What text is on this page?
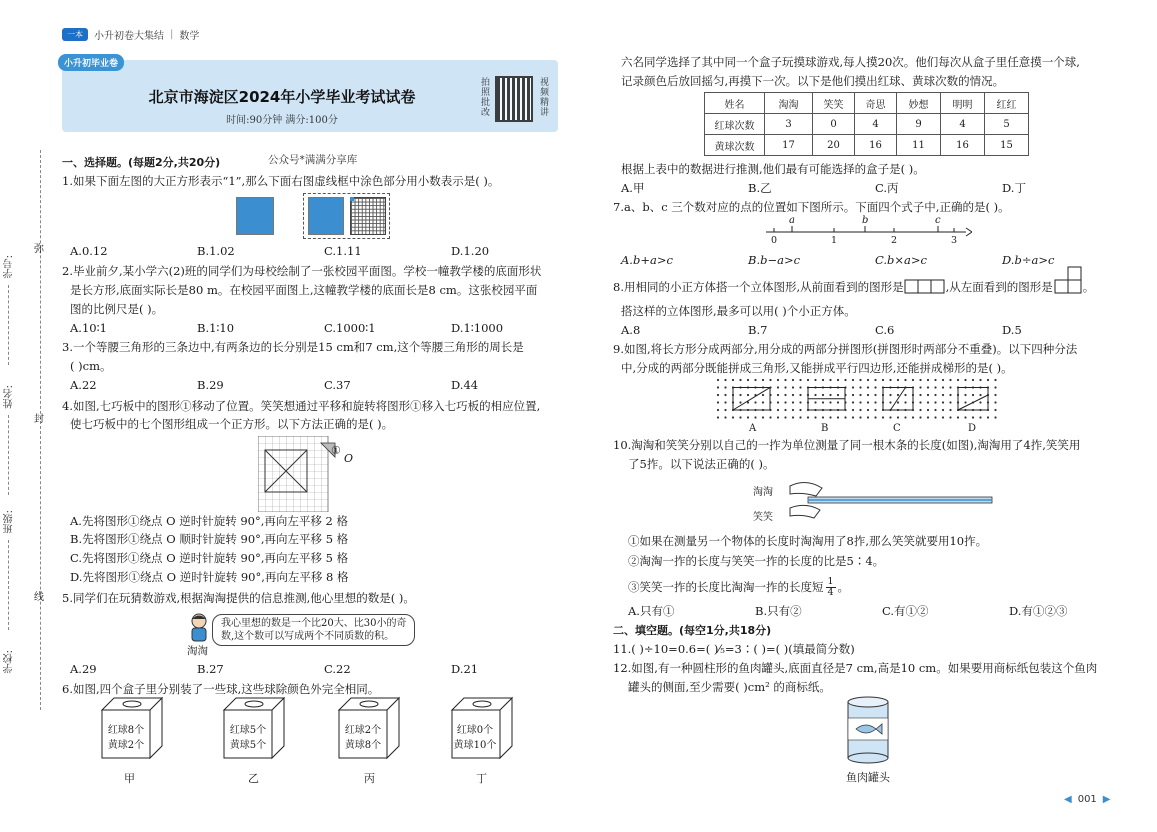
一本	小升初卷大集结 | 数学
小升初毕业卷
北京市海淀区2024年小学毕业考试试卷
时间:90分钟 满分:100分
拍照批改
视频精讲
学号:
姓名:
班级:
学校:
弥
封
线
一、选择题。(每题2分,共20分)	公众号*满满分享库
1.如果下面左图的大正方形表示“1”,那么下面右图虚线框中涂色部分用小数表示是( )。
A.0.12	B.1.02	C.1.11	D.1.20
2.毕业前夕,某小学六(2)班的同学们为母校绘制了一张校园平面图。学校一幢教学楼的底面形状
是长方形,底面实际长是80 m。在校园平面图上,这幢教学楼的底面长是8 cm。这张校园平面
图的比例尺是( )。
A.10∶1	B.1∶10	C.1000∶1	D.1∶1000
3.一个等腰三角形的三条边中,有两条边的长分别是15 cm和7 cm,这个等腰三角形的周长是
( )cm。
A.22	B.29	C.37	D.44
4.如图,七巧板中的图形①移动了位置。笑笑想通过平移和旋转将图形①移入七巧板的相应位置,
使七巧板中的七个图形组成一个正方形。以下方法正确的是( )。
①
O
A.先将图形①绕点 O 逆时针旋转 90°,再向左平移 2 格
B.先将图形①绕点 O 顺时针旋转 90°,再向左平移 5 格
C.先将图形①绕点 O 逆时针旋转 90°,再向左平移 5 格
D.先将图形①绕点 O 逆时针旋转 90°,再向左平移 8 格
5.同学们在玩猜数游戏,根据淘淘提供的信息推测,他心里想的数是( )。
我心里想的数是一个比20大、比30小的奇
数,这个数可以写成两个不同质数的积。
淘淘
A.29	B.27	C.22	D.21
6.如图,四个盒子里分别装了一些球,这些球除颜色外完全相同。
红球8个
黄球2个
甲
红球5个
黄球5个
乙
红球2个
黄球8个
丙
红球0个
黄球10个
丁
六名同学选择了其中同一个盒子玩摸球游戏,每人摸20次。他们每次从盒子里任意摸一个球,
记录颜色后放回摇匀,再摸下一次。以下是他们摸出红球、黄球次数的情况。
姓名	淘淘	笑笑	奇思	妙想	明明	红红
红球次数	3	0	4	9	4	5
黄球次数	17	20	16	11	16	15
根据上表中的数据进行推测,他们最有可能选择的盒子是( )。
A.甲	B.乙	C.丙	D.丁
7.a、b、c 三个数对应的点的位置如下图所示。下面四个式子中,正确的是( )。
0	1	2	3
a	b	c
A.b+a>c	B.b−a>c	C.b×a>c	D.b÷a>c
8.用相同的小正方体搭一个立体图形,从前面看到的图形是	,从左面看到的图形是	。
搭这样的立体图形,最多可以用( )个小正方体。
A.8	B.7	C.6	D.5
9.如图,将长方形分成两部分,用分成的两部分拼图形(拼图形时两部分不重叠)。以下四种分法
中,分成的两部分既能拼成三角形,又能拼成平行四边形,还能拼成梯形的是( )。
A	B	C	D
10.淘淘和笑笑分别以自己的一拃为单位测量了同一根木条的长度(如图),淘淘用了4拃,笑笑用
了5拃。以下说法正确的( )。
淘淘
笑笑
①如果在测量另一个物体的长度时淘淘用了8拃,那么笑笑就要用10拃。
②淘淘一拃的长度与笑笑一拃的长度的比是5∶4。
③笑笑一拃的长度比淘淘一拃的长度短 $\frac{1}{4}$ 。
A.只有①	B.只有②	C.有①②	D.有①②③
二、填空题。(每空1分,共18分)
11.( )÷10=0.6=( )⁄₅=3∶( )=( )(填最简分数)
12.如图,有一种圆柱形的鱼肉罐头,底面直径是7 cm,高是10 cm。如果要用商标纸包装这个鱼肉
罐头的侧面,至少需要( )cm² 的商标纸。
鱼肉罐头
◀ 001 ▶
